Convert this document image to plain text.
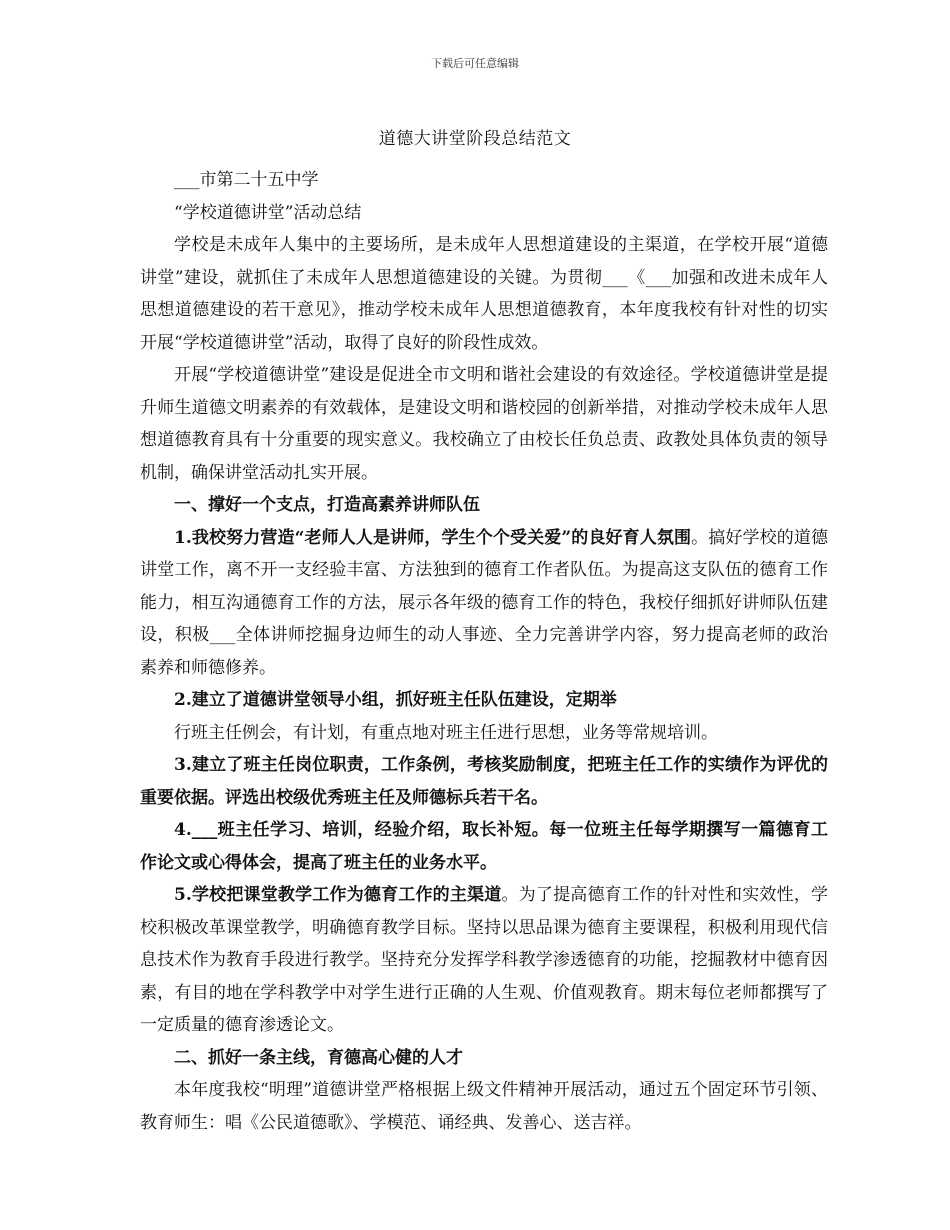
下载后可任意编辑
道德大讲堂阶段总结范文

___市第二十五中学

“学校道德讲堂”活动总结

学校是未成年人集中的主要场所，是未成年人思想道建设的主渠道，在学校开展“道德讲堂”建设，就抓住了未成年人思想道德建设的关键。为贯彻___《___加强和改进未成年人思想道德建设的若干意见》，推动学校未成年人思想道德教育，本年度我校有针对性的切实开展“学校道德讲堂”活动，取得了良好的阶段性成效。

开展“学校道德讲堂”建设是促进全市文明和谐社会建设的有效途径。学校道德讲堂是提升师生道德文明素养的有效载体，是建设文明和谐校园的创新举措，对推动学校未成年人思想道德教育具有十分重要的现实意义。我校确立了由校长任负总责、政教处具体负责的领导机制，确保讲堂活动扎实开展。

一、撑好一个支点，打造高素养讲师队伍

1.我校努力营造“老师人人是讲师，学生个个受关爱”的良好育人氛围。搞好学校的道德讲堂工作，离不开一支经验丰富、方法独到的德育工作者队伍。为提高这支队伍的德育工作能力，相互沟通德育工作的方法，展示各年级的德育工作的特色，我校仔细抓好讲师队伍建设，积极___全体讲师挖掘身边师生的动人事迹、全力完善讲学内容，努力提高老师的政治素养和师德修养。

2.建立了道德讲堂领导小组，抓好班主任队伍建设，定期举

行班主任例会，有计划，有重点地对班主任进行思想，业务等常规培训。

3.建立了班主任岗位职责，工作条例，考核奖励制度，把班主任工作的实绩作为评优的重要依据。评选出校级优秀班主任及师德标兵若干名。

4.___班主任学习、培训，经验介绍，取长补短。每一位班主任每学期撰写一篇德育工作论文或心得体会，提高了班主任的业务水平。

5.学校把课堂教学工作为德育工作的主渠道。为了提高德育工作的针对性和实效性，学校积极改革课堂教学，明确德育教学目标。坚持以思品课为德育主要课程，积极利用现代信息技术作为教育手段进行教学。坚持充分发挥学科教学渗透德育的功能，挖掘教材中德育因素，有目的地在学科教学中对学生进行正确的人生观、价值观教育。期末每位老师都撰写了一定质量的德育渗透论文。

二、抓好一条主线，育德高心健的人才

本年度我校“明理”道德讲堂严格根据上级文件精神开展活动，通过五个固定环节引领、教育师生：唱《公民道德歌》、学模范、诵经典、发善心、送吉祥。
